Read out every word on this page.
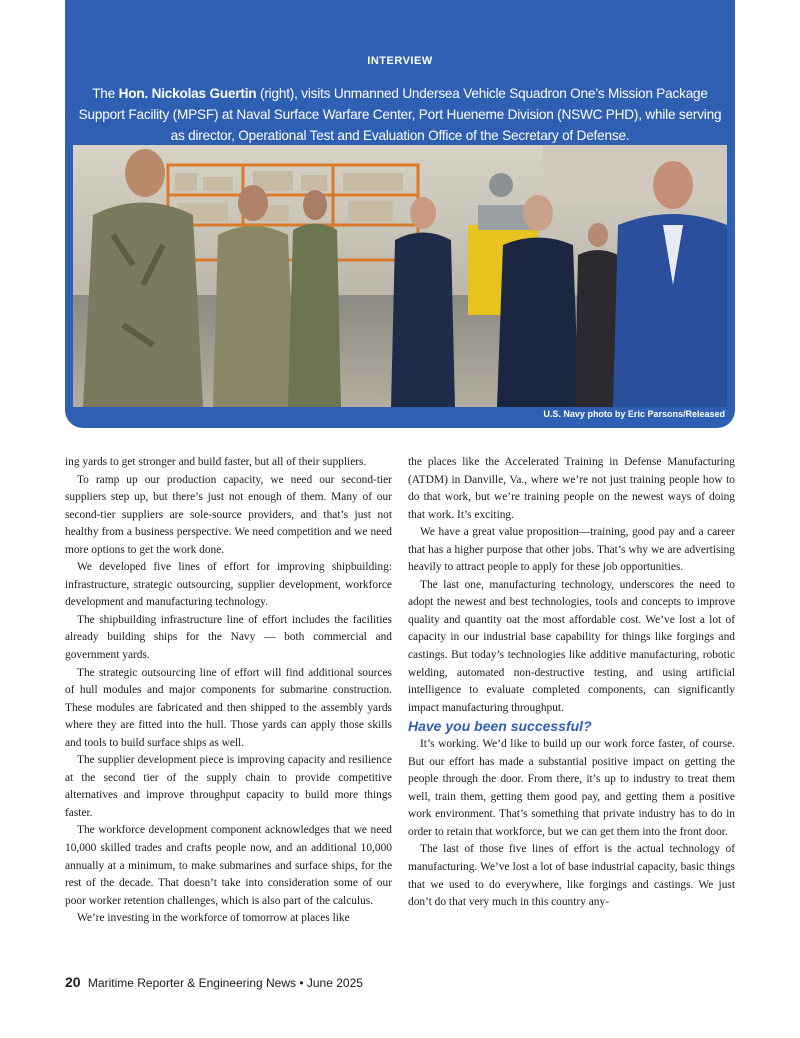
INTERVIEW
The Hon. Nickolas Guertin (right), visits Unmanned Undersea Vehicle Squadron One’s Mission Package Support Facility (MPSF) at Naval Surface Warfare Center, Port Hueneme Division (NSWC PHD), while serving as director, Operational Test and Evaluation Office of the Secretary of Defense.
U.S. Navy photo by Eric Parsons/Released

ing yards to get stronger and build faster, but all of their suppliers.

To ramp up our production capacity, we need our second-tier suppliers step up, but there’s just not enough of them. Many of our second-tier suppliers are sole-source providers, and that’s just not healthy from a business perspective. We need competition and we need more options to get the work done.

We developed five lines of effort for improving shipbuilding: infrastructure, strategic outsourcing, supplier development, workforce development and manufacturing technology.

The shipbuilding infrastructure line of effort includes the facilities already building ships for the Navy — both commercial and government yards.

The strategic outsourcing line of effort will find additional sources of hull modules and major components for submarine construction. These modules are fabricated and then shipped to the assembly yards where they are fitted into the hull. Those yards can apply those skills and tools to build surface ships as well.

The supplier development piece is improving capacity and resilience at the second tier of the supply chain to provide competitive alternatives and improve throughput capacity to build more things faster.

The workforce development component acknowledges that we need 10,000 skilled trades and crafts people now, and an additional 10,000 annually at a minimum, to make submarines and surface ships, for the rest of the decade. That doesn’t take into consideration some of our poor worker retention challenges, which is also part of the calculus.

We’re investing in the workforce of tomorrow at places like

the places like the Accelerated Training in Defense Manufacturing (ATDM) in Danville, Va., where we’re not just training people how to do that work, but we’re training people on the newest ways of doing that work. It’s exciting.

We have a great value proposition—training, good pay and a career that has a higher purpose that other jobs. That’s why we are advertising heavily to attract people to apply for these job opportunities.

The last one, manufacturing technology, underscores the need to adopt the newest and best technologies, tools and concepts to improve quality and quantity oat the most affordable cost. We’ve lost a lot of capacity in our industrial base capability for things like forgings and castings. But today’s technologies like additive manufacturing, robotic welding, automated non-destructive testing, and using artificial intelligence to evaluate completed components, can significantly impact manufacturing throughput.

Have you been successful?

It’s working. We’d like to build up our work force faster, of course. But our effort has made a substantial positive impact on getting the people through the door. From there, it’s up to industry to treat them well, train them, getting them good pay, and getting them a positive work environment. That’s something that private industry has to do in order to retain that workforce, but we can get them into the front door.

The last of those five lines of effort is the actual technology of manufacturing. We’ve lost a lot of base industrial capacity, basic things that we used to do everywhere, like forgings and castings. We just don’t do that very much in this country any-

20 Maritime Reporter & Engineering News • June 2025
